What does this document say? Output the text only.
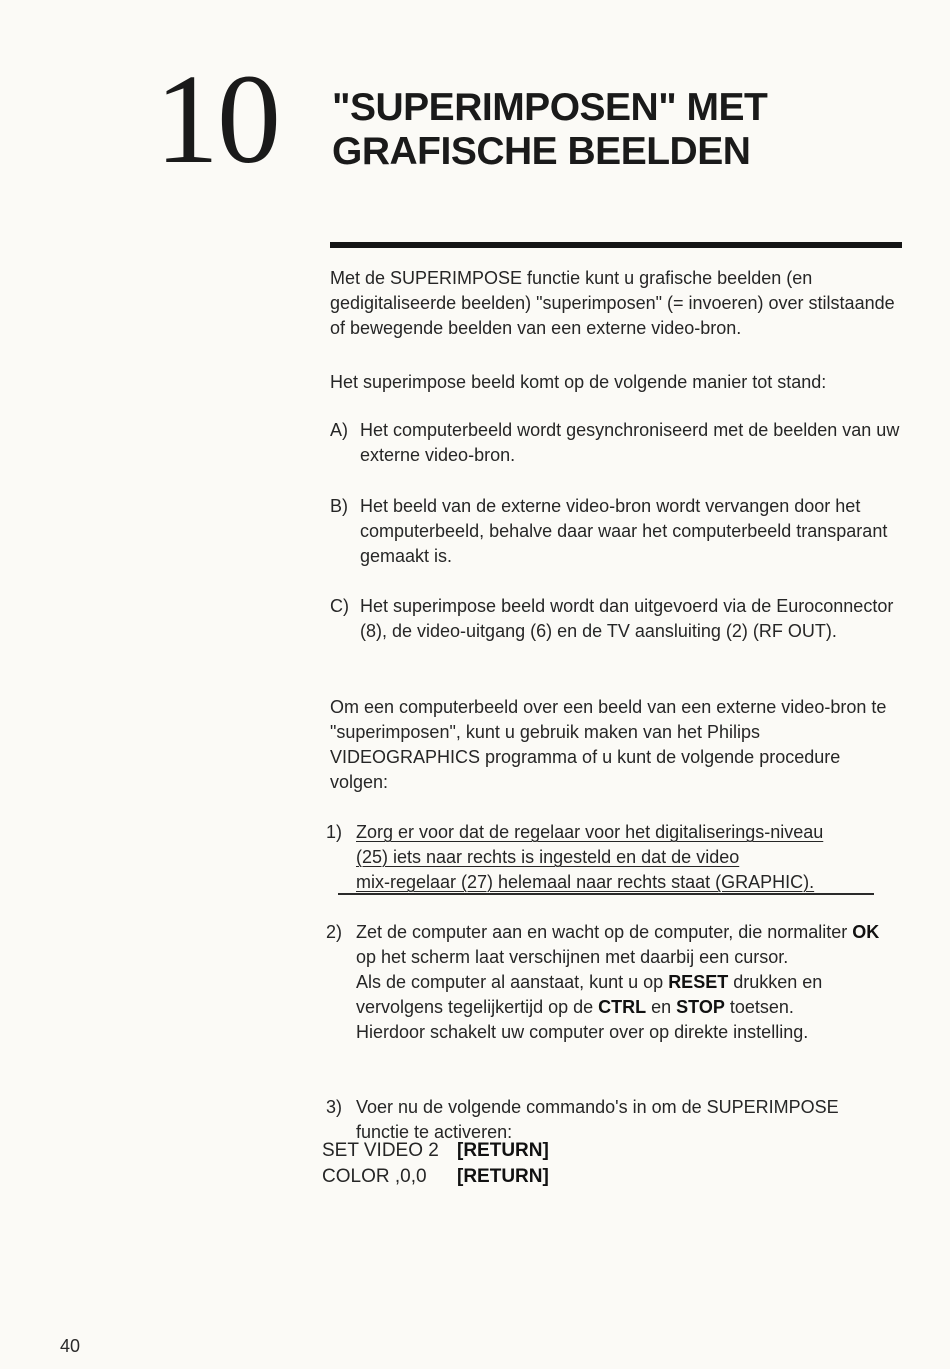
10 "SUPERIMPOSEN" MET
GRAFISCHE BEELDEN

Met de SUPERIMPOSE functie kunt u grafische beelden (en gedigitaliseerde beelden) "superimposen" (= invoeren) over stilstaande of bewegende beelden van een externe video-bron.

Het superimpose beeld komt op de volgende manier tot stand:

A) Het computerbeeld wordt gesynchroniseerd met de beelden van uw externe video-bron.
B) Het beeld van de externe video-bron wordt vervangen door het computerbeeld, behalve daar waar het computerbeeld transparant gemaakt is.
C) Het superimpose beeld wordt dan uitgevoerd via de Euroconnector (8), de video-uitgang (6) en de TV aansluiting (2) (RF OUT).

Om een computerbeeld over een beeld van een externe video-bron te "superimposen", kunt u gebruik maken van het Philips VIDEOGRAPHICS programma of u kunt de volgende procedure volgen:

1) Zorg er voor dat de regelaar voor het digitaliserings-niveau
(25) iets naar rechts is ingesteld en dat de video
mix-regelaar (27) helemaal naar rechts staat (GRAPHIC).
2) Zet de computer aan en wacht op de computer, die normaliter OK op het scherm laat verschijnen met daarbij een cursor.
Als de computer al aanstaat, kunt u op RESET drukken en vervolgens tegelijkertijd op de CTRL en STOP toetsen.
Hierdoor schakelt uw computer over op direkte instelling.
3) Voer nu de volgende commando's in om de SUPERIMPOSE functie te activeren:
SET VIDEO 2 [RETURN]
COLOR ,0,0	[RETURN]
40
